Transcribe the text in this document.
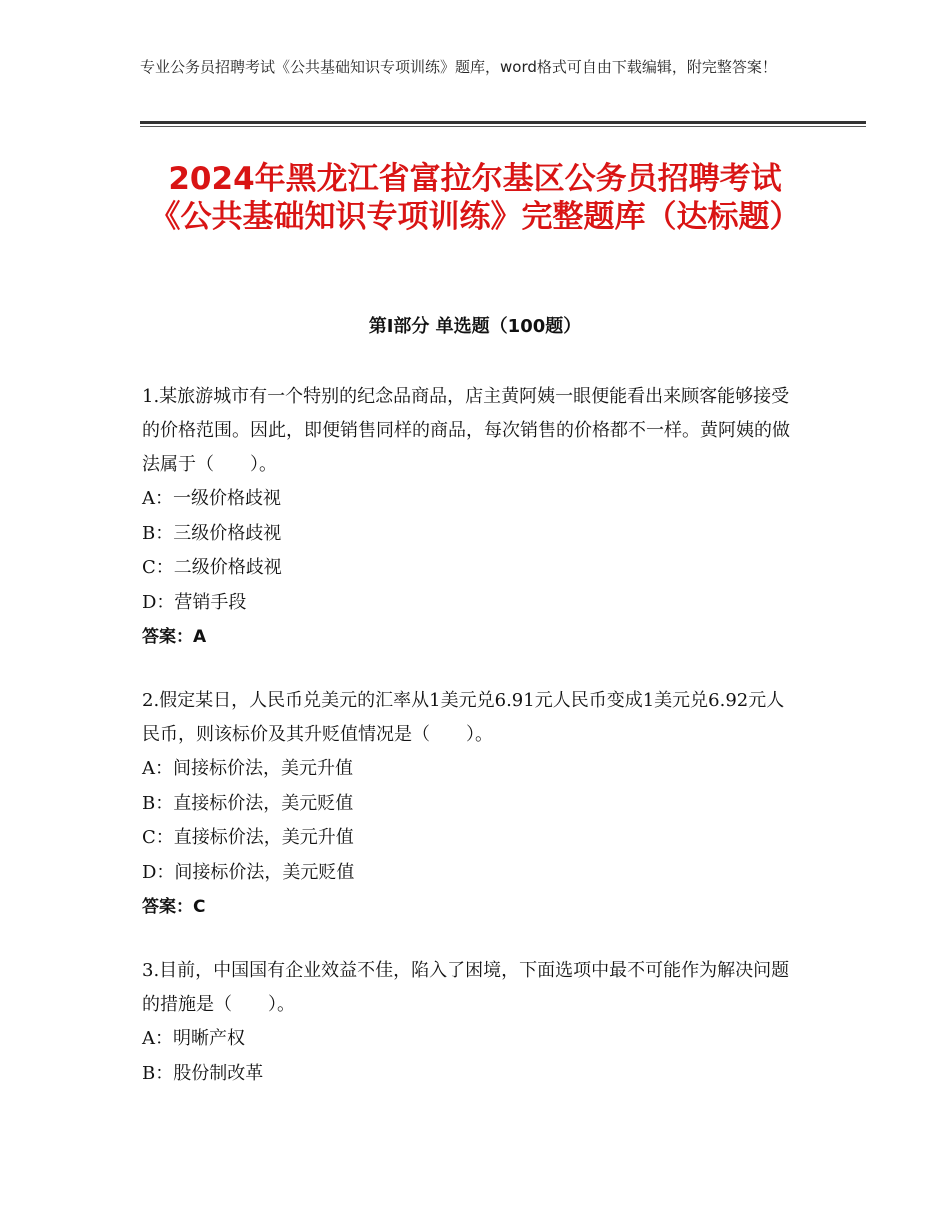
专业公务员招聘考试《公共基础知识专项训练》题库，word格式可自由下载编辑，附完整答案！
2024年黑龙江省富拉尔基区公务员招聘考试《公共基础知识专项训练》完整题库（达标题）
第Ⅰ部分 单选题（100题）

1.某旅游城市有一个特别的纪念品商品，店主黄阿姨一眼便能看出来顾客能够接受的价格范围。因此，即便销售同样的商品，每次销售的价格都不一样。黄阿姨的做法属于（　　）。

A：一级价格歧视

B：三级价格歧视

C：二级价格歧视

D：营销手段

答案：A

2.假定某日，人民币兑美元的汇率从1美元兑6.91元人民币变成1美元兑6.92元人民币，则该标价及其升贬值情况是（　　）。

A：间接标价法，美元升值

B：直接标价法，美元贬值

C：直接标价法，美元升值

D：间接标价法，美元贬值

答案：C

3.目前，中国国有企业效益不佳，陷入了困境，下面选项中最不可能作为解决问题的措施是（　　）。

A：明晰产权

B：股份制改革
